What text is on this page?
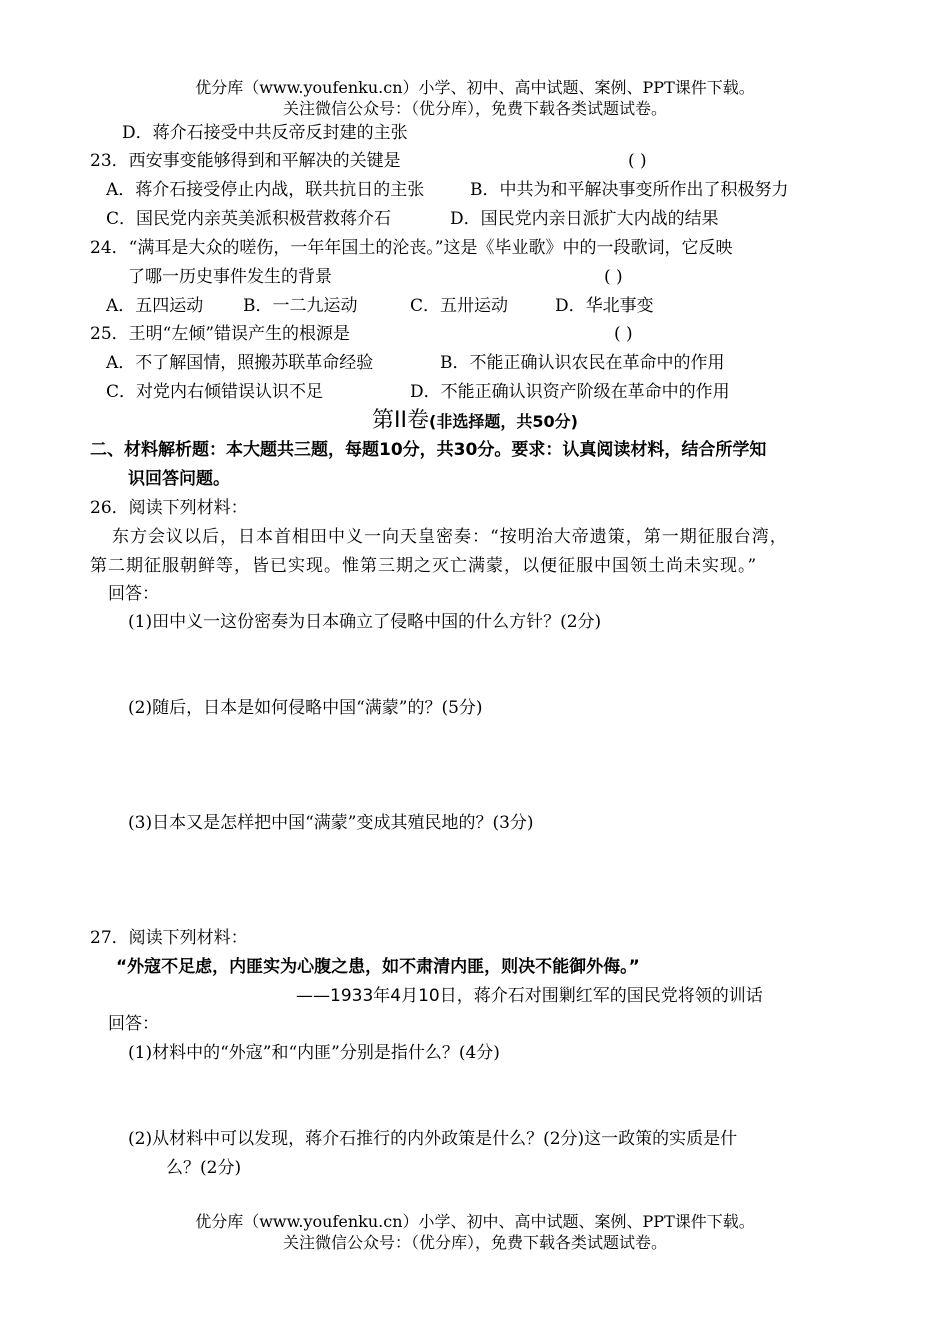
优分库（www.youfenku.cn）小学、初中、高中试题、案例、PPT课件下载。
关注微信公众号：（优分库），免费下载各类试题试卷。
D．蒋介石接受中共反帝反封建的主张
23．西安事变能够得到和平解决的关键是	( )
A．蒋介石接受停止内战，联共抗日的主张	B．中共为和平解决事变所作出了积极努力
C．国民党内亲英美派积极营救蒋介石	D．国民党内亲日派扩大内战的结果
24．“满耳是大众的嗟伤，一年年国土的沦丧。”这是《毕业歌》中的一段歌词，它反映
了哪一历史事件发生的背景	( )
A．五四运动 B．一二九运动	C．五卅运动	D．华北事变
25．王明“左倾”错误产生的根源是	( )
A．不了解国情，照搬苏联革命经验	B．不能正确认识农民在革命中的作用
C．对党内右倾错误认识不足	D．不能正确认识资产阶级在革命中的作用
第II卷(非选择题，共50分)
二、材料解析题：本大题共三题，每题10分，共30分。要求：认真阅读材料，结合所学知
识回答问题。
26．阅读下列材料：
东方会议以后，日本首相田中义一向天皇密奏：“按明治大帝遗策，第一期征服台湾，
第二期征服朝鲜等，皆已实现。惟第三期之灭亡满蒙，以便征服中国领土尚未实现。”
回答：
(1)田中义一这份密奏为日本确立了侵略中国的什么方针？(2分)
(2)随后，日本是如何侵略中国“满蒙”的？(5分)
(3)日本又是怎样把中国“满蒙”变成其殖民地的？(3分)
27．阅读下列材料：
“外寇不足虑，内匪实为心腹之患，如不肃清内匪，则决不能御外侮。”
——1933年4月10日，蒋介石对围剿红军的国民党将领的训话
回答：
(1)材料中的“外寇”和“内匪”分别是指什么？(4分)
(2)从材料中可以发现，蒋介石推行的内外政策是什么？(2分)这一政策的实质是什
么？(2分)
优分库（www.youfenku.cn）小学、初中、高中试题、案例、PPT课件下载。
关注微信公众号：（优分库），免费下载各类试题试卷。
